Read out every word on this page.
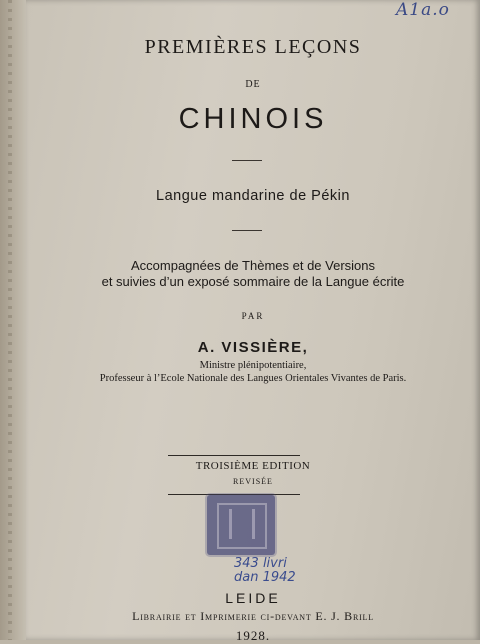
A1a.o
PREMIÈRES LEÇONS
DE
CHINOIS
Langue mandarine de Pékin
Accompagnées de Thèmes et de Versions
et suivies d’un exposé sommaire de la Langue écrite
PAR
A. VISSIÈRE,
Ministre plénipotentiaire,
Professeur à l’Ecole Nationale des Langues Orientales Vivantes de Paris.
TROISIÈME EDITION
REVISÉE
343 livri
dan 1942
LEIDE
Librairie et Imprimerie ci-devant E. J. Brill
1928.
